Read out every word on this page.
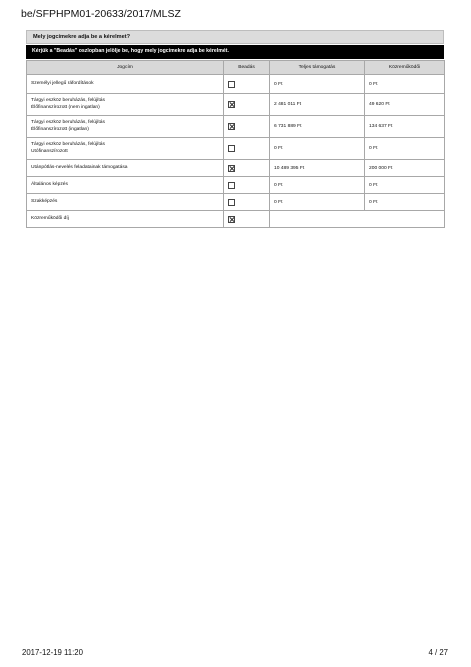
be/SFPHPM01-20633/2017/MLSZ
Mely jogcímekre adja be a kérelmet?
Kérjük a "Beadás" oszlopban jelölje be, hogy mely jogcímekre adja be kérelmét.
Jogcím	Beadás	Teljes támogatás	Közreműködői

Személyi jellegű ráfordítások		0 Ft	0 Ft

Tárgyi eszköz beruházás, felújítás
Élőfinanszírozott (nem ingatlan)		2 481 011 Ft	49 620 Ft

Tárgyi eszköz beruházás, felújítás
Élőfinanszírozott (ingatlan)		6 731 889 Ft	134 637 Ft

Tárgyi eszköz beruházás, felújítás
Utófinanszírozott		0 Ft	0 Ft

Utánpótlás-nevelés feladatainak támogatása		10 489 395 Ft	200 000 Ft

Általános képzés		0 Ft	0 Ft

Szakképzés		0 Ft	0 Ft

Közreműködői díj			

2017-12-19 11:20	4 / 27
